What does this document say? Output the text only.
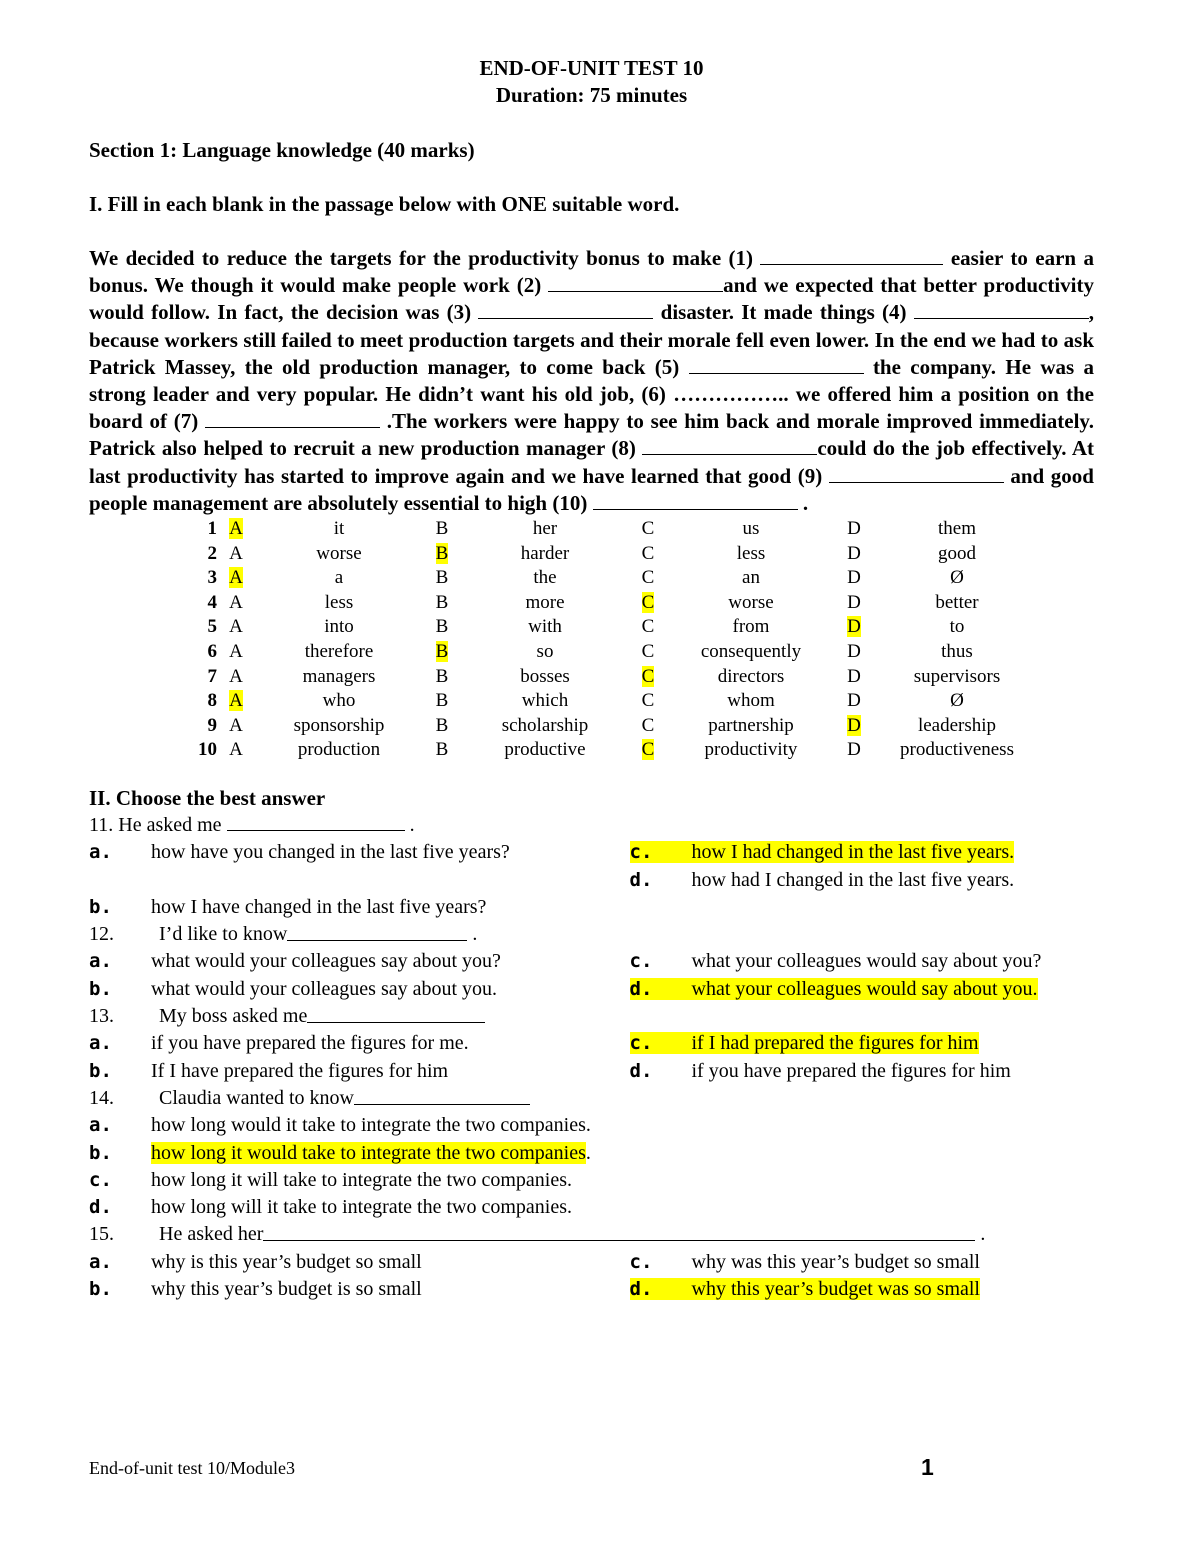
END-OF-UNIT TEST 10
Duration: 75 minutes
Section 1: Language knowledge (40 marks)
I. Fill in each blank in the passage below with ONE suitable word.
We decided to reduce the targets for the productivity bonus to make (1)	easier to earn a bonus. We though it would make people work (2)	and we expected that better productivity would follow. In fact, the decision was (3)	disaster. It made things (4)	, because workers still failed to meet production targets and their morale fell even lower. In the end we had to ask Patrick Massey, the old production manager, to come back (5)	the company. He was a strong leader and very popular. He didn’t want his old job, (6) …………….. we offered him a position on the board of (7)	.The workers were happy to see him back and morale improved immediately. Patrick also helped to recruit a new production manager (8)	could do the job effectively. At last productivity has started to improve again and we have learned that good (9)	and good people management are absolutely essential to high (10)	.
1	A	it	B	her	C	us	D	them
2	A	worse	B	harder	C	less	D	good
3	A	a	B	the	C	an	D	Ø
4	A	less	B	more	C	worse	D	better
5	A	into	B	with	C	from	D	to
6	A	therefore	B	so	C	consequently	D	thus
7	A	managers	B	bosses	C	directors	D	supervisors
8	A	who	B	which	C	whom	D	Ø
9	A	sponsorship	B	scholarship	C	partnership	D	leadership
10	A	production	B	productive	C	productivity	D	productiveness
II. Choose the best answer
11. He asked me	.
a. how have you changed in the last five years?	c. how I had changed in the last five years.
d. how had I changed in the last five years.
b.	how I have changed in the last five years?
12.	I’d like to know
	.
a. what would your colleagues say about you?
b. what would your colleagues say about you.
c. what your colleagues would say about you?
d. what your colleagues would say about you.
13.	My boss asked me
a. if you have prepared the figures for me.
b. If I have prepared the figures for him
c. if I had prepared the figures for him
d. if you have prepared the figures for him
14.	Claudia wanted to know
a. how long would it take to integrate the two companies.
b. how long it would take to integrate the two companies.
c. how long it will take to integrate the two companies.
d. how long will it take to integrate the two companies.
15.	He asked her
	.
a. why is this year’s budget so small
b. why this year’s budget is so small
c. why was this year’s budget so small
d. why this year’s budget was so small
End-of-unit test 10/Module3	1
